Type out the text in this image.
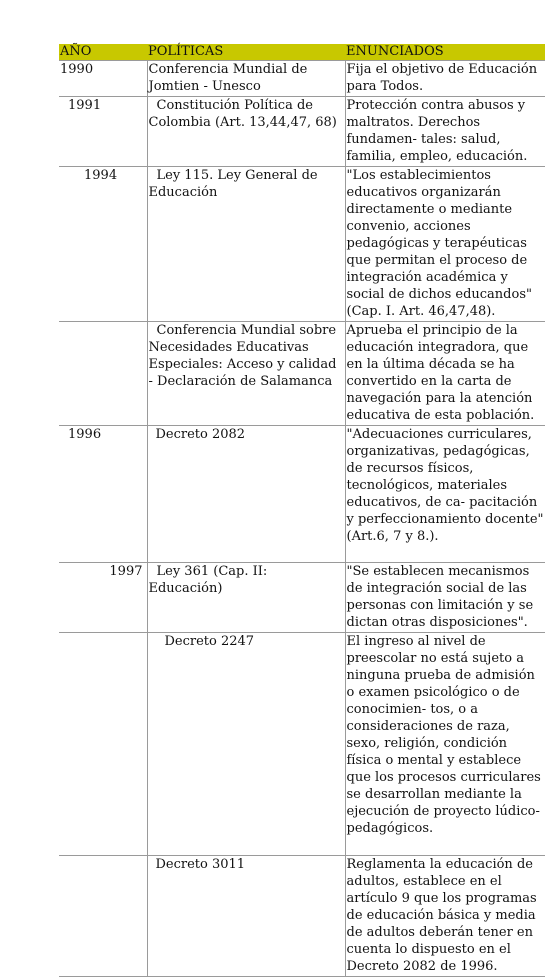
AÑO	POLÍTICAS	ENUNCIADOS
1990	Conferencia Mundial de Jomtien - Unesco	Fija el objetivo de Educación para Todos.
1991	Constitución Política de Colombia (Art. 13,44,47, 68)	Protección contra abusos y maltratos. Derechos fundamen- tales: salud, familia, empleo, educación.
1994	Ley 115. Ley General de Educación	"Los establecimientos educativos organizarán directamente o mediante convenio, acciones pedagógicas y terapéuticas que permitan el proceso de integración académica y social de dichos educandos" (Cap. I. Art. 46,47,48).
	Conferencia Mundial sobre Necesidades Educativas Especiales: Acceso y calidad - Declaración de Salamanca	Aprueba el principio de la educación integradora, que en la última década se ha convertido en la carta de navegación para la atención educativa de esta población.
1996	Decreto 2082	"Adecuaciones curriculares, organizativas, pedagógicas, de recursos físicos, tecnológicos, materiales educativos, de ca- pacitación y perfeccionamiento docente" (Art.6, 7 y 8.).
1997	Ley 361 (Cap. II: Educación)	"Se establecen mecanismos de integración social de las personas con limitación y se dictan otras disposiciones".
	Decreto 2247	El ingreso al nivel de preescolar no está sujeto a ninguna prueba de admisión o examen psicológico o de conocimien- tos, o a consideraciones de raza, sexo, religión, condición física o mental y establece que los procesos curriculares se desarrollan mediante la ejecución de proyecto lúdico-pedagógicos.
	Decreto 3011	Reglamenta la educación de adultos, establece en el artículo 9 que los programas de educación básica y media de adultos deberán tener en cuenta lo dispuesto en el Decreto 2082 de 1996.
